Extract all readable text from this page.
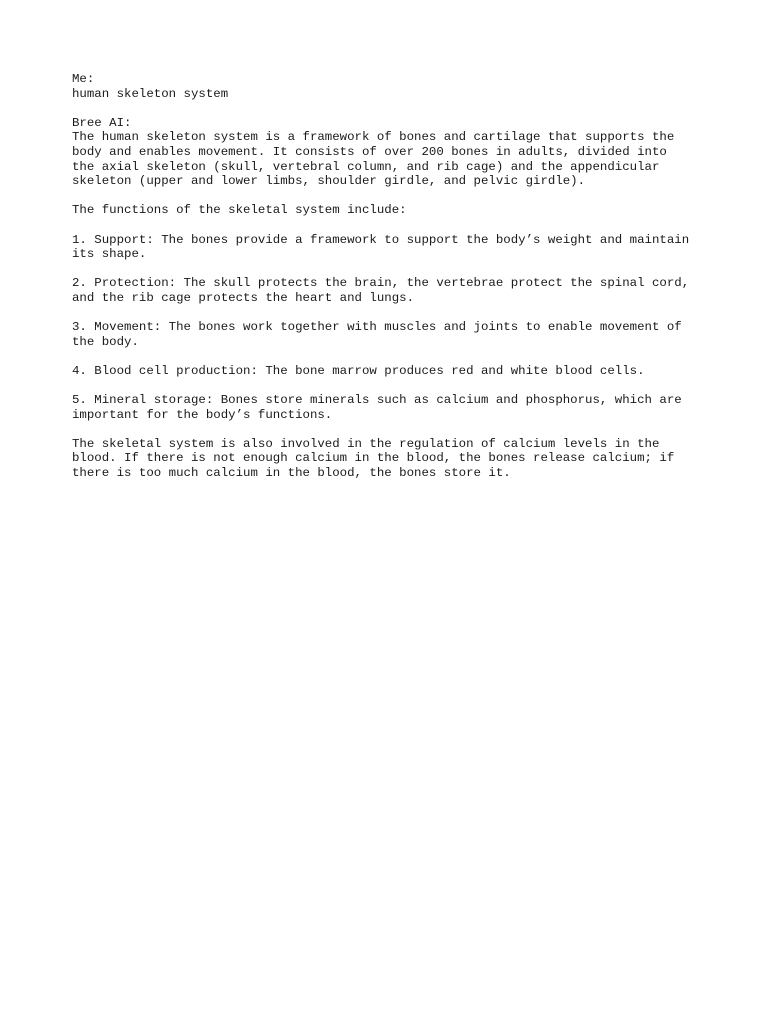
Me:
human skeleton system
Bree AI:
The human skeleton system is a framework of bones and cartilage that supports the
body and enables movement. It consists of over 200 bones in adults, divided into
the axial skeleton (skull, vertebral column, and rib cage) and the appendicular
skeleton (upper and lower limbs, shoulder girdle, and pelvic girdle).
The functions of the skeletal system include:
1. Support: The bones provide a framework to support the body’s weight and maintain
its shape.
2. Protection: The skull protects the brain, the vertebrae protect the spinal cord,
and the rib cage protects the heart and lungs.
3. Movement: The bones work together with muscles and joints to enable movement of
the body.
4. Blood cell production: The bone marrow produces red and white blood cells.
5. Mineral storage: Bones store minerals such as calcium and phosphorus, which are
important for the body’s functions.
The skeletal system is also involved in the regulation of calcium levels in the
blood. If there is not enough calcium in the blood, the bones release calcium; if
there is too much calcium in the blood, the bones store it.
